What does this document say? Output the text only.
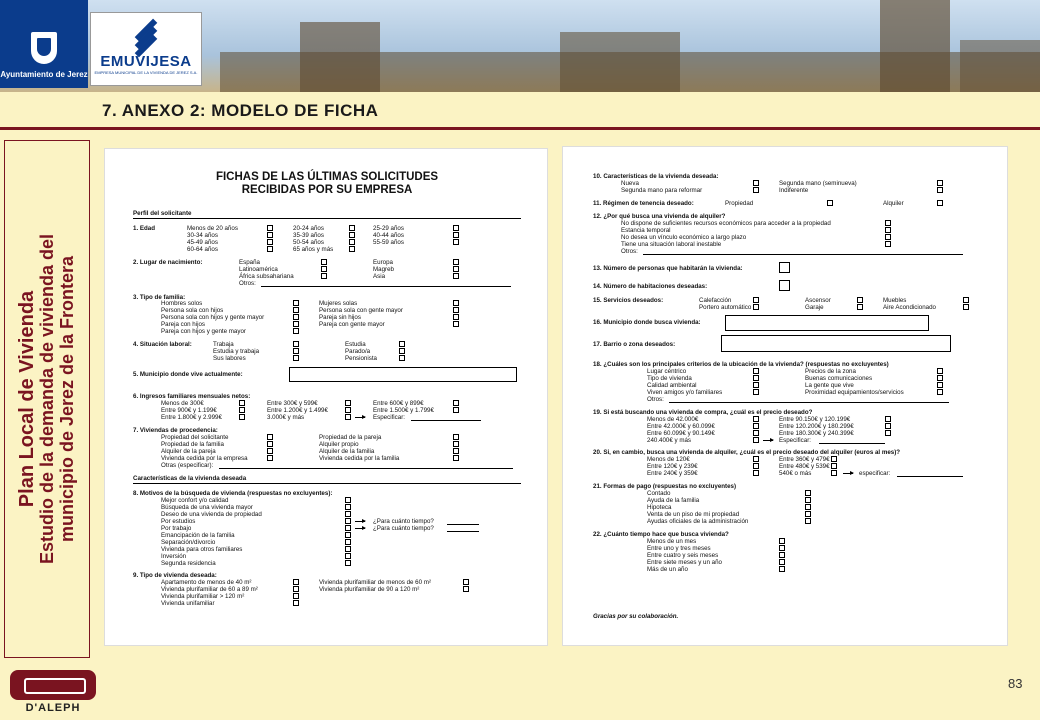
Ayuntamiento de Jerez
EMUVIJESA
EMPRESA MUNICIPAL DE LA VIVIENDA DE JEREZ S.A.
7. ANEXO 2: MODELO DE FICHA
Plan Local de Vivienda Estudio de la demanda de vivienda del municipio de Jerez de la Frontera
FICHAS DE LAS ÚLTIMAS SOLICITUDES
RECIBIDAS POR SU EMPRESA
Perfil del solicitante
1. Edad	Menos de 20 años	20-24 años	25-29 años
30-34 años	35-39 años	40-44 años
45-49 años	50-54 años	55-59 años
60-64 años	65 años y más
2. Lugar de nacimiento:	España	Europa
Latinoamérica	Magreb
África subsahariana	Asia
Otros:
3. Tipo de familia:
Hombres solos	Mujeres solas
Persona sola con hijos	Persona sola con gente mayor
Persona sola con hijos y gente mayor	Pareja sin hijos
Pareja con hijos	Pareja con gente mayor
Pareja con hijos y gente mayor
4. Situación laboral:	Trabaja	Estudia
Estudia y trabaja	Parado/a
Sus labores	Pensionista
5. Municipio donde vive actualmente:
6. Ingresos familiares mensuales netos:
Menos de 300€	Entre 300€ y 599€	Entre 600€ y 899€
Entre 900€ y 1.199€	Entre 1.200€ y 1.499€	Entre 1.500€ y 1.799€
Entre 1.800€ y 2.999€	3.000€ y más	Especificar:
7. Viviendas de procedencia:
Propiedad del solicitante	Propiedad de la pareja
Propiedad de la familia	Alquiler propio
Alquiler de la pareja	Alquiler de la familia
Vivienda cedida por la empresa	Vivienda cedida por la familia
Otras (especificar):
Características de la vivienda deseada
8. Motivos de la búsqueda de vivienda (respuestas no excluyentes):
Mejor confort y/o calidad
Búsqueda de una vivienda mayor
Deseo de una vivienda de propiedad
Por estudios	¿Para cuánto tiempo?
Por trabajo	¿Para cuánto tiempo?
Emancipación de la familia
Separación/divorcio
Vivienda para otros familiares
Inversión
Segunda residencia
9. Tipo de vivienda deseada:
Apartamento de menos de 40 m²	Vivienda plurifamiliar de menos de 60 m²
Vivienda plurifamiliar de 60 a 89 m²	Vivienda plurifamiliar de 90 a 120 m²
Vivienda plurifamiliar > 120 m²
Vivienda unifamiliar
10. Características de la vivienda deseada:
Nueva	Segunda mano (seminueva)
Segunda mano para reformar	Indiferente
11. Régimen de tenencia deseado:	Propiedad	Alquiler
12. ¿Por qué busca una vivienda de alquiler?
No dispone de suficientes recursos económicos para acceder a la propiedad
Estancia temporal
No desea un vínculo económico a largo plazo
Tiene una situación laboral inestable
Otros:
13. Número de personas que habitarán la vivienda:
14. Número de habitaciones deseadas:
15. Servicios deseados:	Calefacción	Ascensor	Muebles
Portero automático	Garaje	Aire Acondicionado
16. Municipio donde busca vivienda:
17. Barrio o zona deseados:
18. ¿Cuáles son los principales criterios de la ubicación de la vivienda? (respuestas no excluyentes)
Lugar céntrico	Precios de la zona
Tipo de vivienda	Buenas comunicaciones
Calidad ambiental	La gente que vive
Viven amigos y/o familiares	Proximidad equipamientos/servicios
Otros:
19. Si está buscando una vivienda de compra, ¿cuál es el precio deseado?
Menos de 42.000€	Entre 90.150€ y 120.199€
Entre 42.000€ y 60.099€	Entre 120.200€ y 180.299€
Entre 60.099€ y 90.149€	Entre 180.300€ y 240.399€
240.400€ y más	Especificar:
20. Si, en cambio, busca una vivienda de alquiler, ¿cuál es el precio deseado del alquiler (euros al mes)?
Menos de 120€	Entre 360€ y 479€
Entre 120€ y 239€	Entre 480€ y 539€
Entre 240€ y 359€	540€ o más	especificar:
21. Formas de pago (respuestas no excluyentes)
Contado
Ayuda de la familia
Hipoteca
Venta de un piso de mi propiedad
Ayudas oficiales de la administración
22. ¿Cuánto tiempo hace que busca vivienda?
Menos de un mes
Entre uno y tres meses
Entre cuatro y seis meses
Entre siete meses y un año
Más de un año
Gracias por su colaboración.
D'ALEPH
83
